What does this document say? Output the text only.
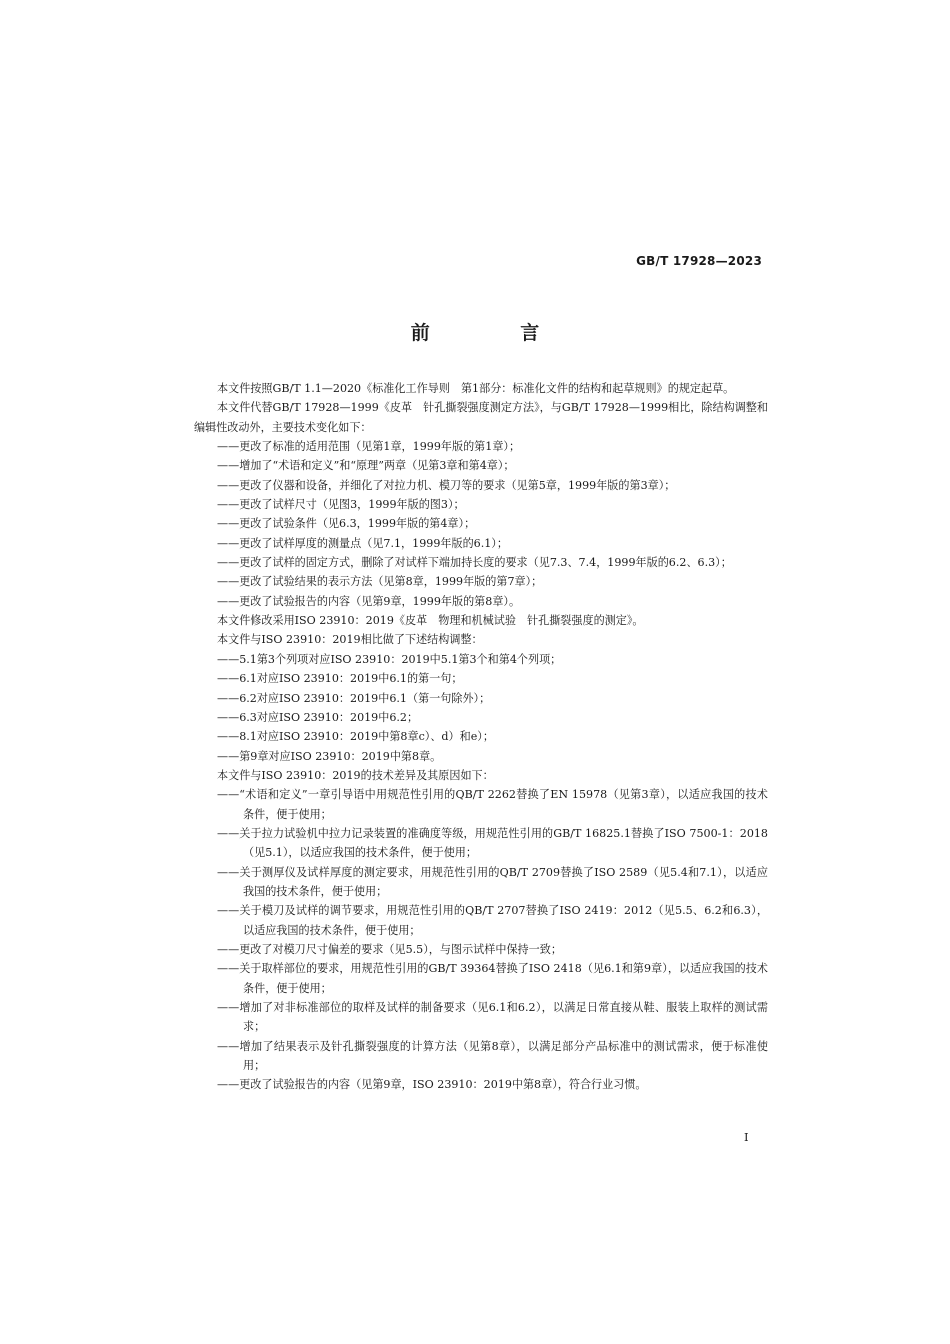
GB/T 17928—2023
前 言

本文件按照GB/T 1.1—2020《标准化工作导则　第1部分：标准化文件的结构和起草规则》的规定起草。

本文件代替GB/T 17928—1999《皮革　针孔撕裂强度测定方法》，与GB/T 17928—1999相比，除结构调整和编辑性改动外，主要技术变化如下：

——更改了标准的适用范围（见第1章，1999年版的第1章）；

——增加了“术语和定义”和“原理”两章（见第3章和第4章）；

——更改了仪器和设备，并细化了对拉力机、模刀等的要求（见第5章，1999年版的第3章）；

——更改了试样尺寸（见图3，1999年版的图3）；

——更改了试验条件（见6.3，1999年版的第4章）；

——更改了试样厚度的测量点（见7.1，1999年版的6.1）；

——更改了试样的固定方式，删除了对试样下端加持长度的要求（见7.3、7.4，1999年版的6.2、6.3）；

——更改了试验结果的表示方法（见第8章，1999年版的第7章）；

——更改了试验报告的内容（见第9章，1999年版的第8章）。

本文件修改采用ISO 23910：2019《皮革　物理和机械试验　针孔撕裂强度的测定》。

本文件与ISO 23910：2019相比做了下述结构调整：

——5.1第3个列项对应ISO 23910：2019中5.1第3个和第4个列项；

——6.1对应ISO 23910：2019中6.1的第一句；

——6.2对应ISO 23910：2019中6.1（第一句除外）；

——6.3对应ISO 23910：2019中6.2；

——8.1对应ISO 23910：2019中第8章c）、d）和e）；

——第9章对应ISO 23910：2019中第8章。

本文件与ISO 23910：2019的技术差异及其原因如下：

——“术语和定义”一章引导语中用规范性引用的QB/T 2262替换了EN 15978（见第3章），以适应我国的技术条件，便于使用；

——关于拉力试验机中拉力记录装置的准确度等级，用规范性引用的GB/T 16825.1替换了ISO 7500-1：2018（见5.1），以适应我国的技术条件，便于使用；

——关于测厚仪及试样厚度的测定要求，用规范性引用的QB/T 2709替换了ISO 2589（见5.4和7.1），以适应我国的技术条件，便于使用；

——关于模刀及试样的调节要求，用规范性引用的QB/T 2707替换了ISO 2419：2012（见5.5、6.2和6.3），以适应我国的技术条件，便于使用；

——更改了对模刀尺寸偏差的要求（见5.5），与图示试样中保持一致；

——关于取样部位的要求，用规范性引用的GB/T 39364替换了ISO 2418（见6.1和第9章），以适应我国的技术条件，便于使用；

——增加了对非标准部位的取样及试样的制备要求（见6.1和6.2），以满足日常直接从鞋、服装上取样的测试需求；

——增加了结果表示及针孔撕裂强度的计算方法（见第8章），以满足部分产品标准中的测试需求，便于标准使用；

——更改了试验报告的内容（见第9章，ISO 23910：2019中第8章），符合行业习惯。

I
